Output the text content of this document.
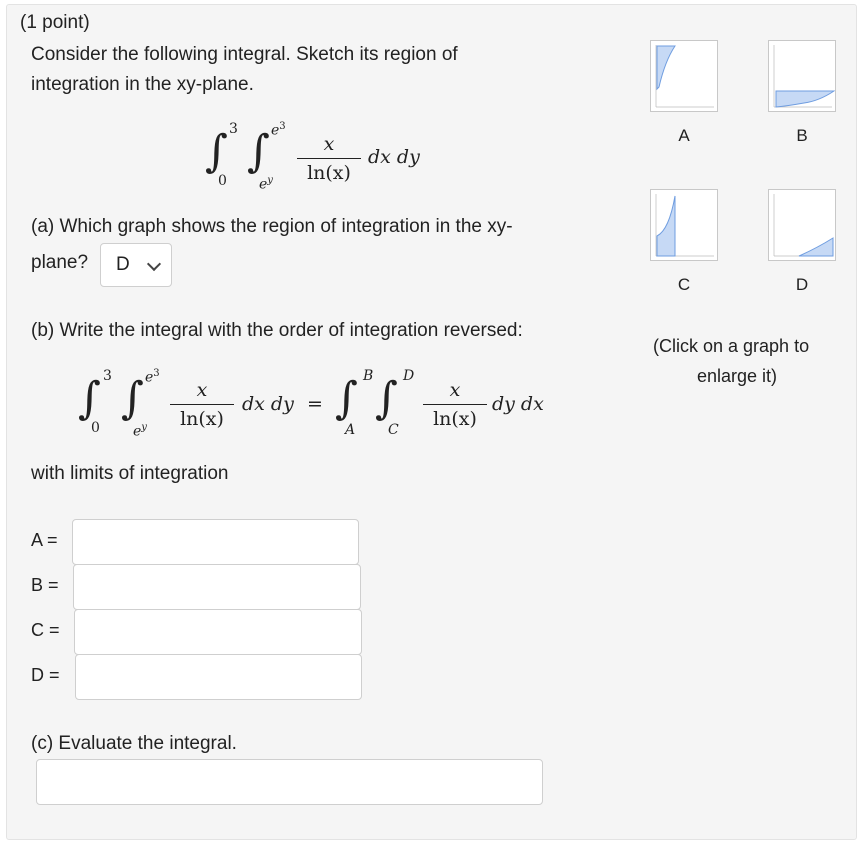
(1 point)
Consider the following integral. Sketch its region of
integration in the xy-plane.
∫ 3
0
∫ $e^3$
$e^y$
x
ln(x)
dx dy
(a) Which graph shows the region of integration in the xy-
plane? D
(b) Write the integral with the order of integration reversed:
∫ 3
0
∫ $e^3$
$e^y$
x
ln(x)
dx dy = ∫ B
A
∫ D
C
x
ln(x)
dy dx
with limits of integration
A =
B =
C =
D =
(c) Evaluate the integral.
A	B
C	D
(Click on a graph to
enlarge it)
